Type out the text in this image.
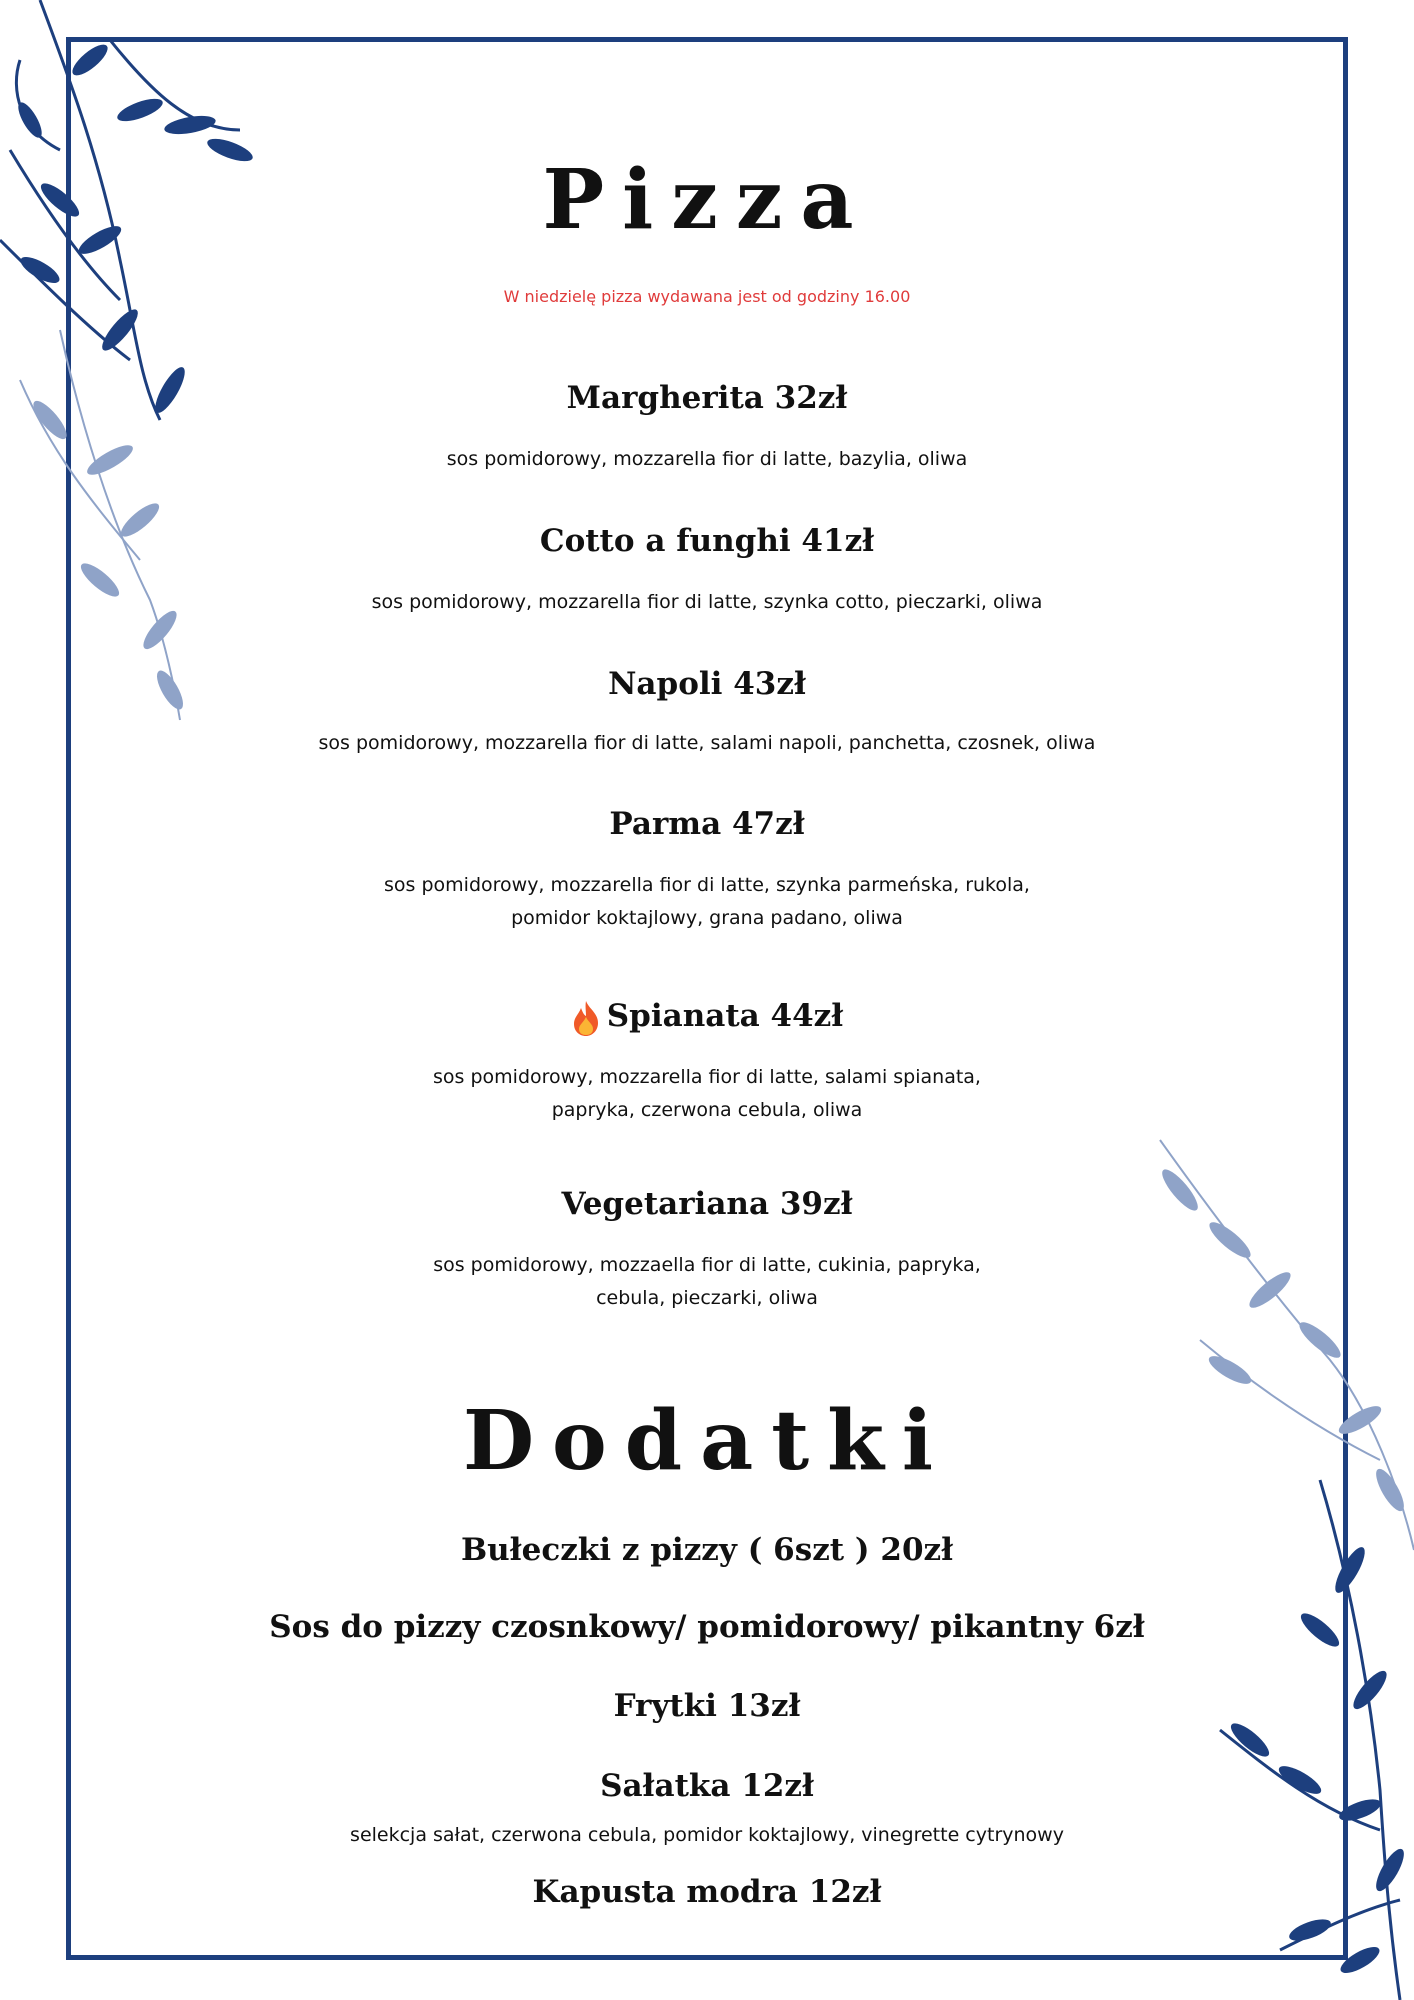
Pizza
W niedzielę pizza wydawana jest od godziny 16.00
Margherita 32zł
sos pomidorowy, mozzarella fior di latte, bazylia, oliwa
Cotto a funghi 41zł
sos pomidorowy, mozzarella fior di latte, szynka cotto, pieczarki, oliwa
Napoli 43zł
sos pomidorowy, mozzarella fior di latte, salami napoli, panchetta, czosnek, oliwa
Parma 47zł
sos pomidorowy, mozzarella fior di latte, szynka parmeńska, rukola,
pomidor koktajlowy, grana padano, oliwa
Spianata 44zł
sos pomidorowy, mozzarella fior di latte, salami spianata,
papryka, czerwona cebula, oliwa
Vegetariana 39zł
sos pomidorowy, mozzaella fior di latte, cukinia, papryka,
cebula, pieczarki, oliwa
Dodatki
Bułeczki z pizzy ( 6szt ) 20zł
Sos do pizzy czosnkowy/ pomidorowy/ pikantny 6zł
Frytki 13zł
Sałatka 12zł
selekcja sałat, czerwona cebula, pomidor koktajlowy, vinegrette cytrynowy
Kapusta modra 12zł
